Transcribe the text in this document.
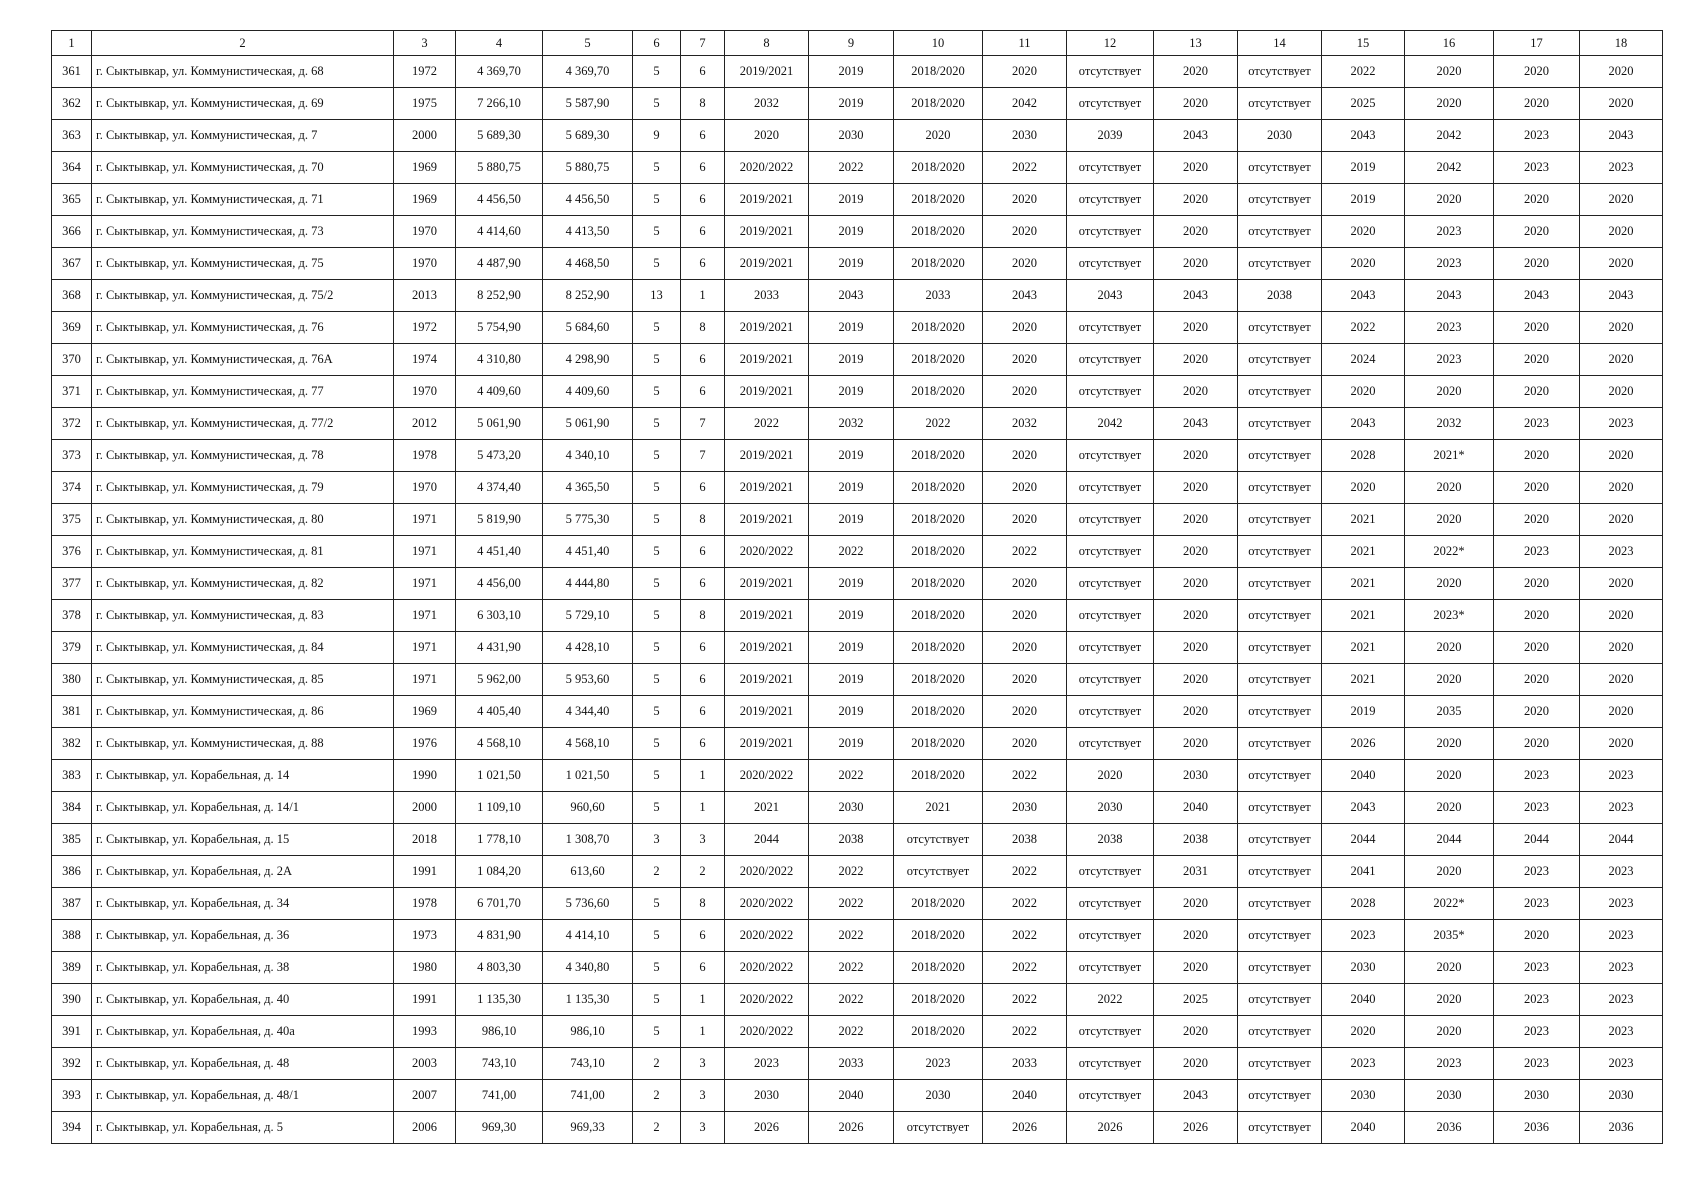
1	2	3	4	5	6	7	8	9	10	11	12	13	14	15	16	17	18
361	г. Сыктывкар, ул. Коммунистическая, д. 68	1972	4 369,70	4 369,70	5	6	2019/2021	2019	2018/2020	2020	отсутствует	2020	отсутствует	2022	2020	2020	2020
362	г. Сыктывкар, ул. Коммунистическая, д. 69	1975	7 266,10	5 587,90	5	8	2032	2019	2018/2020	2042	отсутствует	2020	отсутствует	2025	2020	2020	2020
363	г. Сыктывкар, ул. Коммунистическая, д. 7	2000	5 689,30	5 689,30	9	6	2020	2030	2020	2030	2039	2043	2030	2043	2042	2023	2043
364	г. Сыктывкар, ул. Коммунистическая, д. 70	1969	5 880,75	5 880,75	5	6	2020/2022	2022	2018/2020	2022	отсутствует	2020	отсутствует	2019	2042	2023	2023
365	г. Сыктывкар, ул. Коммунистическая, д. 71	1969	4 456,50	4 456,50	5	6	2019/2021	2019	2018/2020	2020	отсутствует	2020	отсутствует	2019	2020	2020	2020
366	г. Сыктывкар, ул. Коммунистическая, д. 73	1970	4 414,60	4 413,50	5	6	2019/2021	2019	2018/2020	2020	отсутствует	2020	отсутствует	2020	2023	2020	2020
367	г. Сыктывкар, ул. Коммунистическая, д. 75	1970	4 487,90	4 468,50	5	6	2019/2021	2019	2018/2020	2020	отсутствует	2020	отсутствует	2020	2023	2020	2020
368	г. Сыктывкар, ул. Коммунистическая, д. 75/2	2013	8 252,90	8 252,90	13	1	2033	2043	2033	2043	2043	2043	2038	2043	2043	2043	2043
369	г. Сыктывкар, ул. Коммунистическая, д. 76	1972	5 754,90	5 684,60	5	8	2019/2021	2019	2018/2020	2020	отсутствует	2020	отсутствует	2022	2023	2020	2020
370	г. Сыктывкар, ул. Коммунистическая, д. 76А	1974	4 310,80	4 298,90	5	6	2019/2021	2019	2018/2020	2020	отсутствует	2020	отсутствует	2024	2023	2020	2020
371	г. Сыктывкар, ул. Коммунистическая, д. 77	1970	4 409,60	4 409,60	5	6	2019/2021	2019	2018/2020	2020	отсутствует	2020	отсутствует	2020	2020	2020	2020
372	г. Сыктывкар, ул. Коммунистическая, д. 77/2	2012	5 061,90	5 061,90	5	7	2022	2032	2022	2032	2042	2043	отсутствует	2043	2032	2023	2023
373	г. Сыктывкар, ул. Коммунистическая, д. 78	1978	5 473,20	4 340,10	5	7	2019/2021	2019	2018/2020	2020	отсутствует	2020	отсутствует	2028	2021*	2020	2020
374	г. Сыктывкар, ул. Коммунистическая, д. 79	1970	4 374,40	4 365,50	5	6	2019/2021	2019	2018/2020	2020	отсутствует	2020	отсутствует	2020	2020	2020	2020
375	г. Сыктывкар, ул. Коммунистическая, д. 80	1971	5 819,90	5 775,30	5	8	2019/2021	2019	2018/2020	2020	отсутствует	2020	отсутствует	2021	2020	2020	2020
376	г. Сыктывкар, ул. Коммунистическая, д. 81	1971	4 451,40	4 451,40	5	6	2020/2022	2022	2018/2020	2022	отсутствует	2020	отсутствует	2021	2022*	2023	2023
377	г. Сыктывкар, ул. Коммунистическая, д. 82	1971	4 456,00	4 444,80	5	6	2019/2021	2019	2018/2020	2020	отсутствует	2020	отсутствует	2021	2020	2020	2020
378	г. Сыктывкар, ул. Коммунистическая, д. 83	1971	6 303,10	5 729,10	5	8	2019/2021	2019	2018/2020	2020	отсутствует	2020	отсутствует	2021	2023*	2020	2020
379	г. Сыктывкар, ул. Коммунистическая, д. 84	1971	4 431,90	4 428,10	5	6	2019/2021	2019	2018/2020	2020	отсутствует	2020	отсутствует	2021	2020	2020	2020
380	г. Сыктывкар, ул. Коммунистическая, д. 85	1971	5 962,00	5 953,60	5	6	2019/2021	2019	2018/2020	2020	отсутствует	2020	отсутствует	2021	2020	2020	2020
381	г. Сыктывкар, ул. Коммунистическая, д. 86	1969	4 405,40	4 344,40	5	6	2019/2021	2019	2018/2020	2020	отсутствует	2020	отсутствует	2019	2035	2020	2020
382	г. Сыктывкар, ул. Коммунистическая, д. 88	1976	4 568,10	4 568,10	5	6	2019/2021	2019	2018/2020	2020	отсутствует	2020	отсутствует	2026	2020	2020	2020
383	г. Сыктывкар, ул. Корабельная, д. 14	1990	1 021,50	1 021,50	5	1	2020/2022	2022	2018/2020	2022	2020	2030	отсутствует	2040	2020	2023	2023
384	г. Сыктывкар, ул. Корабельная, д. 14/1	2000	1 109,10	960,60	5	1	2021	2030	2021	2030	2030	2040	отсутствует	2043	2020	2023	2023
385	г. Сыктывкар, ул. Корабельная, д. 15	2018	1 778,10	1 308,70	3	3	2044	2038	отсутствует	2038	2038	2038	отсутствует	2044	2044	2044	2044
386	г. Сыктывкар, ул. Корабельная, д. 2А	1991	1 084,20	613,60	2	2	2020/2022	2022	отсутствует	2022	отсутствует	2031	отсутствует	2041	2020	2023	2023
387	г. Сыктывкар, ул. Корабельная, д. 34	1978	6 701,70	5 736,60	5	8	2020/2022	2022	2018/2020	2022	отсутствует	2020	отсутствует	2028	2022*	2023	2023
388	г. Сыктывкар, ул. Корабельная, д. 36	1973	4 831,90	4 414,10	5	6	2020/2022	2022	2018/2020	2022	отсутствует	2020	отсутствует	2023	2035*	2020	2023
389	г. Сыктывкар, ул. Корабельная, д. 38	1980	4 803,30	4 340,80	5	6	2020/2022	2022	2018/2020	2022	отсутствует	2020	отсутствует	2030	2020	2023	2023
390	г. Сыктывкар, ул. Корабельная, д. 40	1991	1 135,30	1 135,30	5	1	2020/2022	2022	2018/2020	2022	2022	2025	отсутствует	2040	2020	2023	2023
391	г. Сыктывкар, ул. Корабельная, д. 40а	1993	986,10	986,10	5	1	2020/2022	2022	2018/2020	2022	отсутствует	2020	отсутствует	2020	2020	2023	2023
392	г. Сыктывкар, ул. Корабельная, д. 48	2003	743,10	743,10	2	3	2023	2033	2023	2033	отсутствует	2020	отсутствует	2023	2023	2023	2023
393	г. Сыктывкар, ул. Корабельная, д. 48/1	2007	741,00	741,00	2	3	2030	2040	2030	2040	отсутствует	2043	отсутствует	2030	2030	2030	2030
394	г. Сыктывкар, ул. Корабельная, д. 5	2006	969,30	969,33	2	3	2026	2026	отсутствует	2026	2026	2026	отсутствует	2040	2036	2036	2036
